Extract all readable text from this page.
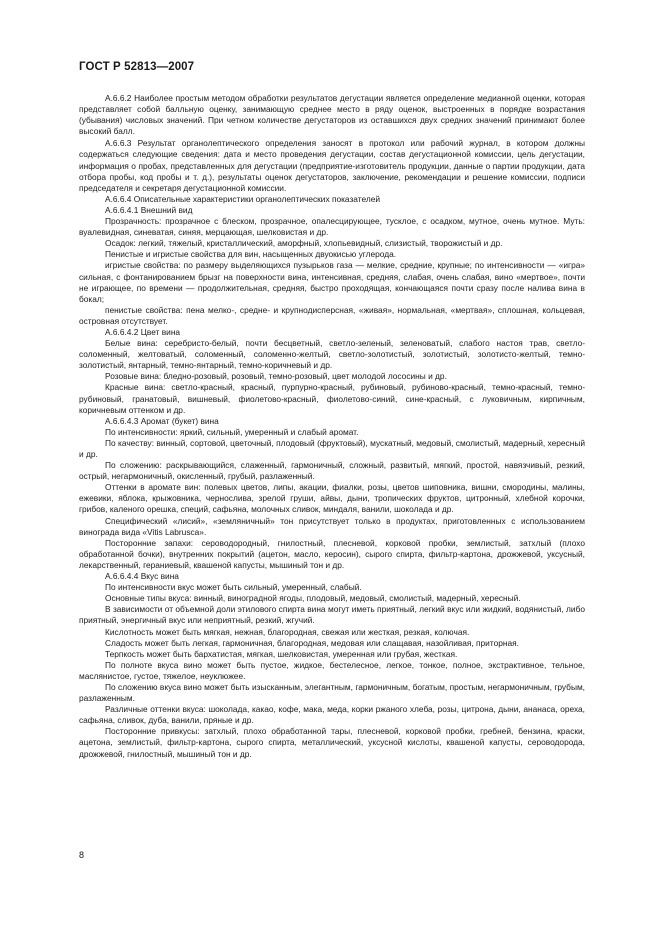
ГОСТ Р 52813—2007

А.6.6.2 Наиболее простым методом обработки результатов дегустации является определение медианной оценки, которая представляет собой балльную оценку, занимающую среднее место в ряду оценок, выстроенных в порядке возрастания (убывания) числовых значений. При четном количестве дегустаторов из оставшихся двух средних значений принимают более высокий балл.

А.6.6.3 Результат органолептического определения заносят в протокол или рабочий журнал, в котором должны содержаться следующие сведения: дата и место проведения дегустации, состав дегустационной комиссии, цель дегустации, информация о пробах, представленных для дегустации (предприятие-изготовитель продукции, данные о партии продукции, дата отбора пробы, код пробы и т. д.), результаты оценок дегустаторов, заключение, рекомендации и решение комиссии, подписи председателя и секретаря дегустационной комиссии.

А.6.6.4 Описательные характеристики органолептических показателей

А.6.6.4.1 Внешний вид

Прозрачность: прозрачное с блеском, прозрачное, опалесцирующее, тусклое, с осадком, мутное, очень мутное. Муть: вуалевидная, синеватая, синяя, мерцающая, шелковистая и др.

Осадок: легкий, тяжелый, кристаллический, аморфный, хлопьевидный, слизистый, творожистый и др.

Пенистые и игристые свойства для вин, насыщенных двуокисью углерода.

игристые свойства: по размеру выделяющихся пузырьков газа — мелкие, средние, крупные; по интенсивности — «игра» сильная, с фонтанированием брызг на поверхности вина, интенсивная, средняя, слабая, очень слабая, вино «мертвое», почти не играющее, по времени — продолжительная, средняя, быстро проходящая, кончающаяся почти сразу после налива вина в бокал;

пенистые свойства: пена мелко-, средне- и крупнодисперсная, «живая», нормальная, «мертвая», сплошная, кольцевая, островная отсутствует.

А.6.6.4.2 Цвет вина

Белые вина: серебристо-белый, почти бесцветный, светло-зеленый, зеленоватый, слабого настоя трав, светло-соломенный, желтоватый, соломенный, соломенно-желтый, светло-золотистый, золотистый, золотисто-желтый, темно-золотистый, янтарный, темно-янтарный, темно-коричневый и др.

Розовые вина: бледно-розовый, розовый, темно-розовый, цвет молодой лососины и др.

Красные вина: светло-красный, красный, пурпурно-красный, рубиновый, рубиново-красный, темно-красный, темно-рубиновый, гранатовый, вишневый, фиолетово-красный, фиолетово-синий, сине-красный, с луковичным, кирпичным, коричневым оттенком и др.

А.6.6.4.3 Аромат (букет) вина

По интенсивности: яркий, сильный, умеренный и слабый аромат.

По качеству: винный, сортовой, цветочный, плодовый (фруктовый), мускатный, медовый, смолистый, мадерный, хересный и др.

По сложению: раскрывающийся, слаженный, гармоничный, сложный, развитый, мягкий, простой, навязчивый, резкий, острый, негармоничный, окисленный, грубый, разлаженный.

Оттенки в аромате вин: полевых цветов, липы, акации, фиалки, розы, цветов шиповника, вишни, смородины, малины, ежевики, яблока, крыжовника, чернослива, зрелой груши, айвы, дыни, тропических фруктов, цитронный, хлебной корочки, грибов, каленого орешка, специй, сафьяна, молочных сливок, миндаля, ванили, шоколада и др.

Специфический «лисий», «земляничный» тон присутствует только в продуктах, приготовленных с использованием винограда вида «Vitis Labrusca».

Посторонние запахи: сероводородный, гнилостный, плесневой, корковой пробки, землистый, затхлый (плохо обработанной бочки), внутренних покрытий (ацетон, масло, керосин), сырого спирта, фильтр-картона, дрожжевой, уксусный, лекарственный, гераниевый, квашеной капусты, мышиный тон и др.

А.6.6.4.4 Вкус вина

По интенсивности вкус может быть сильный, умеренный, слабый.

Основные типы вкуса: винный, виноградной ягоды, плодовый, медовый, смолистый, мадерный, хересный.

В зависимости от объемной доли этилового спирта вина могут иметь приятный, легкий вкус или жидкий, водянистый, либо приятный, энергичный вкус или неприятный, резкий, жгучий.

Кислотность может быть мягкая, нежная, благородная, свежая или жесткая, резкая, колючая.

Сладость может быть легкая, гармоничная, благородная, медовая или слащавая, назойливая, приторная.

Терпкость может быть бархатистая, мягкая, шелковистая, умеренная или грубая, жесткая.

По полноте вкуса вино может быть пустое, жидкое, бестелесное, легкое, тонкое, полное, экстрактивное, тельное, маслянистое, густое, тяжелое, неуклюжее.

По сложению вкуса вино может быть изысканным, элегантным, гармоничным, богатым, простым, негармоничным, грубым, разлаженным.

Различные оттенки вкуса: шоколада, какао, кофе, мака, меда, корки ржаного хлеба, розы, цитрона, дыни, ананаса, ореха, сафьяна, сливок, дуба, ванили, пряные и др.

Посторонние привкусы: затхлый, плохо обработанной тары, плесневой, корковой пробки, гребней, бензина, краски, ацетона, землистый, фильтр-картона, сырого спирта, металлический, уксусной кислоты, квашеной капусты, сероводорода, дрожжевой, гнилостный, мышиный тон и др.

8
